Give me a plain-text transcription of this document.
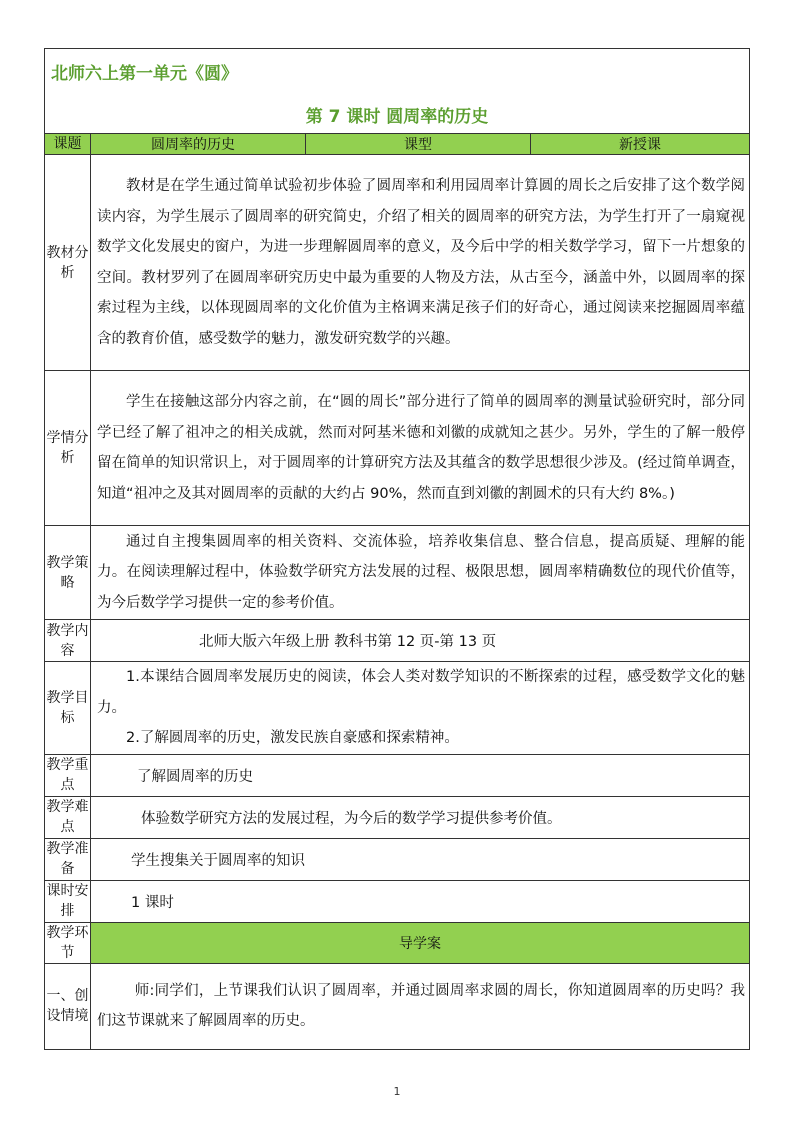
北师六上第一单元《圆》
第 7 课时 圆周率的历史			

课题	圆周率的历史	课型	新授课
教材分析	教材是在学生通过简单试验初步体验了圆周率和利用园周率计算圆的周长之后安排了这个数学阅读内容，为学生展示了圆周率的研究简史，介绍了相关的圆周率的研究方法，为学生打开了一扇窥视数学文化发展史的窗户，为进一步理解圆周率的意义，及今后中学的相关数学学习，留下一片想象的空间。教材罗列了在圆周率研究历史中最为重要的人物及方法，从古至今，涵盖中外，以圆周率的探索过程为主线，以体现圆周率的文化价值为主格调来满足孩子们的好奇心，通过阅读来挖掘圆周率蕴含的教育价值，感受数学的魅力，激发研究数学的兴趣。		

学情分析	学生在接触这部分内容之前，在“圆的周长”部分进行了简单的圆周率的测量试验研究时，部分同学已经了解了祖冲之的相关成就，然而对阿基米德和刘徽的成就知之甚少。另外，学生的了解一般停留在简单的知识常识上，对于圆周率的计算研究方法及其蕴含的数学思想很少涉及。(经过简单调查，知道“祖冲之及其对圆周率的贡献的大约占 90%，然而直到刘徽的割圆术的只有大约 8%。)		

教学策略	通过自主搜集圆周率的相关资料、交流体验，培养收集信息、整合信息，提高质疑、理解的能力。在阅读理解过程中，体验数学研究方法发展的过程、极限思想，圆周率精确数位的现代价值等，为今后数学学习提供一定的参考价值。		

教学内容	北师大版六年级上册 教科书第 12 页-第 13 页		
教学目标	1.本课结合圆周率发展历史的阅读，体会人类对数学知识的不断探索的过程，感受数学文化的魅力。

2.了解圆周率的历史，激发民族自豪感和探索精神。		

教学重点	了解圆周率的历史		
教学难点	体验数学研究方法的发展过程，为今后的数学学习提供参考价值。		
教学准备	学生搜集关于圆周率的知识		
课时安排	1 课时		
教学环节	导学案		
一、创设情境	师:同学们，上节课我们认识了圆周率，并通过圆周率求圆的周长，你知道圆周率的历史吗？我们这节课就来了解圆周率的历史。		

1
